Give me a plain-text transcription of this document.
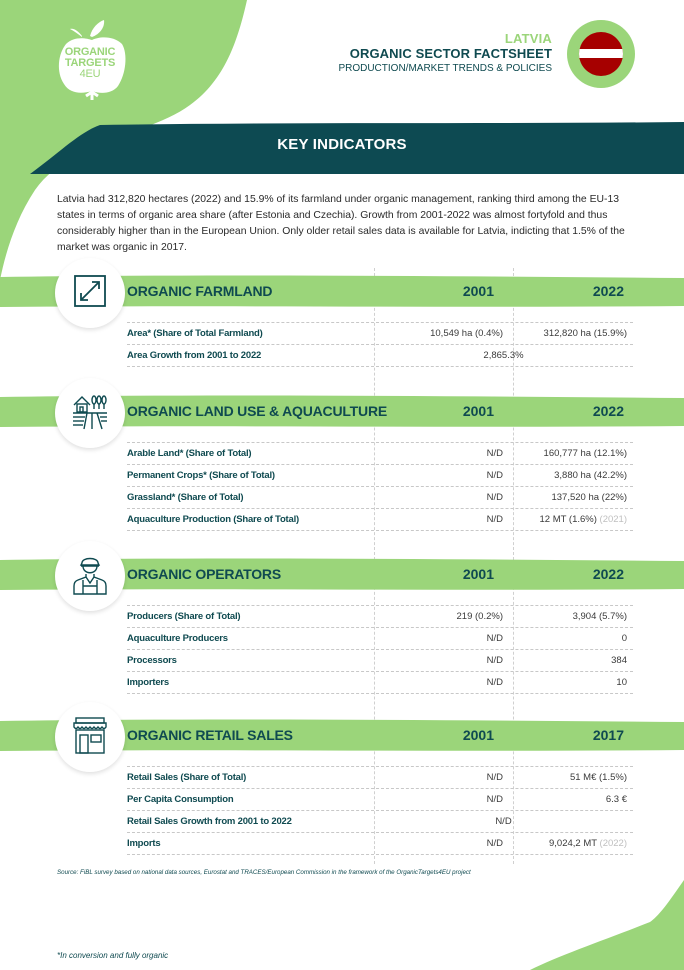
ORGANIC
TARGETS
4EU
LATVIA
ORGANIC SECTOR FACTSHEET
PRODUCTION/MARKET TRENDS & POLICIES
KEY INDICATORS

Latvia had 312,820 hectares (2022) and 15.9% of its farmland under organic management, ranking third among the EU-13 states in terms of organic area share (after Estonia and Czechia). Growth from 2001-2022 was almost fortyfold and thus considerably higher than in the European Union. Only older retail sales data is available for Latvia, indicting that 1.5% of the market was organic in 2017.

ORGANIC FARMLAND	2001	2022
Area* (Share of Total Farmland)	10,549 ha (0.4%)	312,820 ha (15.9%)
Area Growth from 2001 to 2022	2,865.3%
ORGANIC LAND USE & AQUACULTURE	2001	2022
Arable Land* (Share of Total)	N/D	160,777 ha (12.1%)
Permanent Crops* (Share of Total)	N/D	3,880 ha (42.2%)
Grassland* (Share of Total)	N/D	137,520 ha (22%)
Aquaculture Production (Share of Total)	N/D	12 MT (1.6%) (2021)
ORGANIC OPERATORS	2001	2022
Producers (Share of Total)	219 (0.2%)	3,904 (5.7%)
Aquaculture Producers	N/D	0
Processors	N/D	384
Importers	N/D	10
ORGANIC RETAIL SALES	2001	2017
Retail Sales (Share of Total)	N/D	51 M€ (1.5%)
Per Capita Consumption	N/D	6.3 €
Retail Sales Growth from 2001 to 2022	N/D
Imports	N/D	9,024,2 MT (2022)
Source: FiBL survey based on national data sources, Eurostat and TRACES/European Commission in the framework of the OrganicTargets4EU project
*In conversion and fully organic
